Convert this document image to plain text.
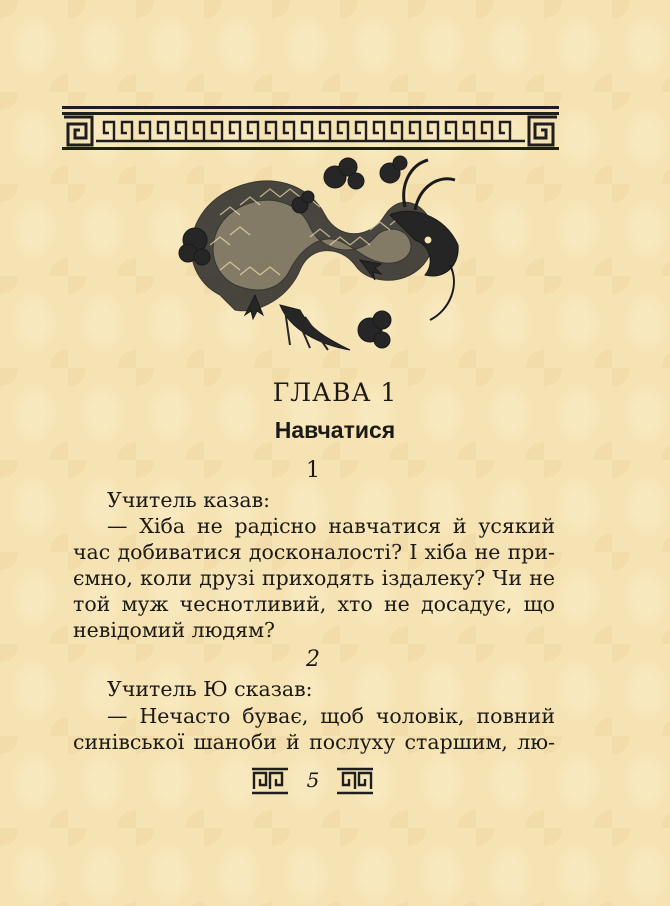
ГЛАВА 1
Навчатися
1
Учитель казав:
— Хіба не радісно навчатися й усякий
час добиватися досконалості? І хіба не при-
ємно, коли друзі приходять іздалеку? Чи не
той муж чеснотливий, хто не досадує, що
невідомий людям?
2
Учитель Ю сказав:
— Нечасто буває, щоб чоловік, повний
синівської шаноби й послуху старшим, лю-
5
